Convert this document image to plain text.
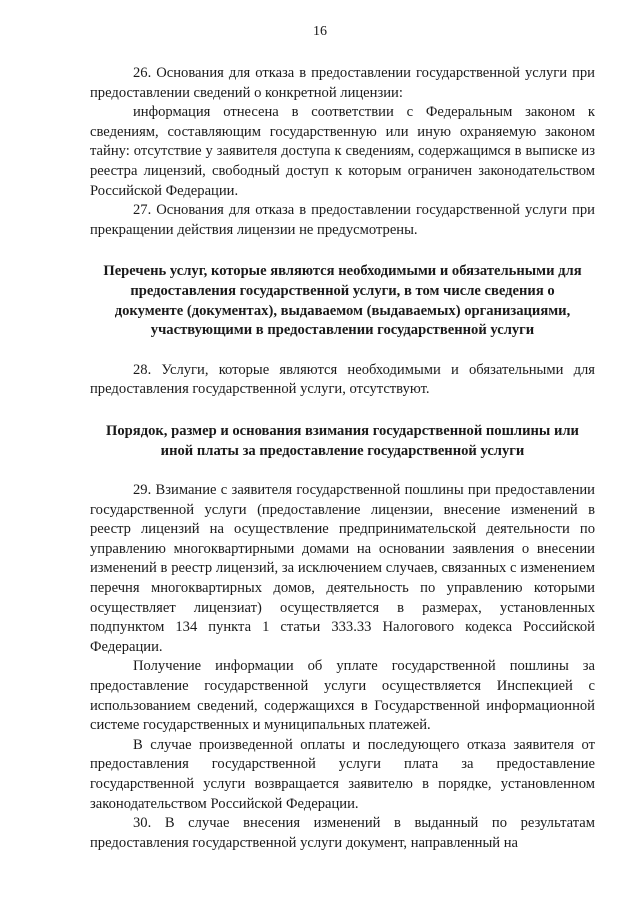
16

26. Основания для отказа в предоставлении государственной услуги при предоставлении сведений о конкретной лицензии:

информация отнесена в соответствии с Федеральным законом к сведениям, составляющим государственную или иную охраняемую законом тайну: отсутствие у заявителя доступа к сведениям, содержащимся в выписке из реестра лицензий, свободный доступ к которым ограничен законодательством Российской Федерации.

27. Основания для отказа в предоставлении государственной услуги при прекращении действия лицензии не предусмотрены.

Перечень услуг, которые являются необходимыми и обязательными для предоставления государственной услуги, в том числе сведения о документе (документах), выдаваемом (выдаваемых) организациями, участвующими в предоставлении государственной услуги

28. Услуги, которые являются необходимыми и обязательными для предоставления государственной услуги, отсутствуют.

Порядок, размер и основания взимания государственной пошлины или иной платы за предоставление государственной услуги

29. Взимание с заявителя государственной пошлины при предоставлении государственной услуги (предоставление лицензии, внесение изменений в реестр лицензий на осуществление предпринимательской деятельности по управлению многоквартирными домами на основании заявления о внесении изменений в реестр лицензий, за исключением случаев, связанных с изменением перечня многоквартирных домов, деятельность по управлению которыми осуществляет лицензиат) осуществляется в размерах, установленных подпунктом 134 пункта 1 статьи 333.33 Налогового кодекса Российской Федерации.

Получение информации об уплате государственной пошлины за предоставление государственной услуги осуществляется Инспекцией с использованием сведений, содержащихся в Государственной информационной системе государственных и муниципальных платежей.

В случае произведенной оплаты и последующего отказа заявителя от предоставления государственной услуги плата за предоставление государственной услуги возвращается заявителю в порядке, установленном законодательством Российской Федерации.

30. В случае внесения изменений в выданный по результатам предоставления государственной услуги документ, направленный на
